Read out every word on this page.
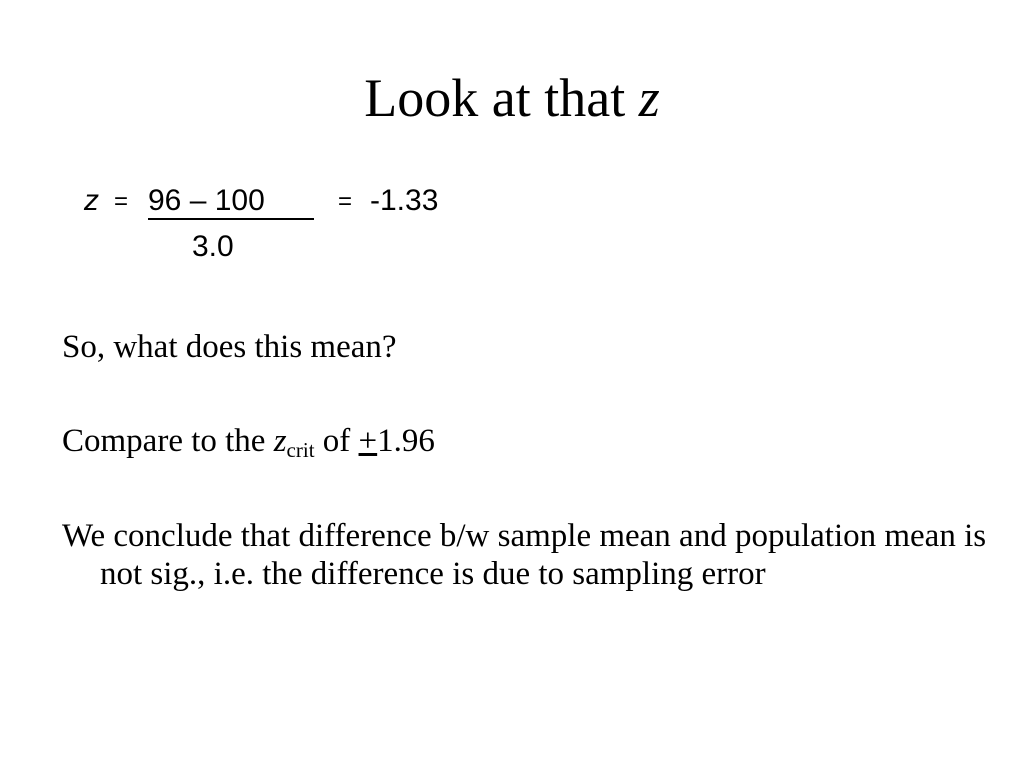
Look at that z
z = 96 – 100	= -1.33
3.0
So, what does this mean?
Compare to the $z_{crit}$ of +1.96
We conclude that difference b/w sample mean and population mean is not sig., i.e. the difference is due to sampling error
